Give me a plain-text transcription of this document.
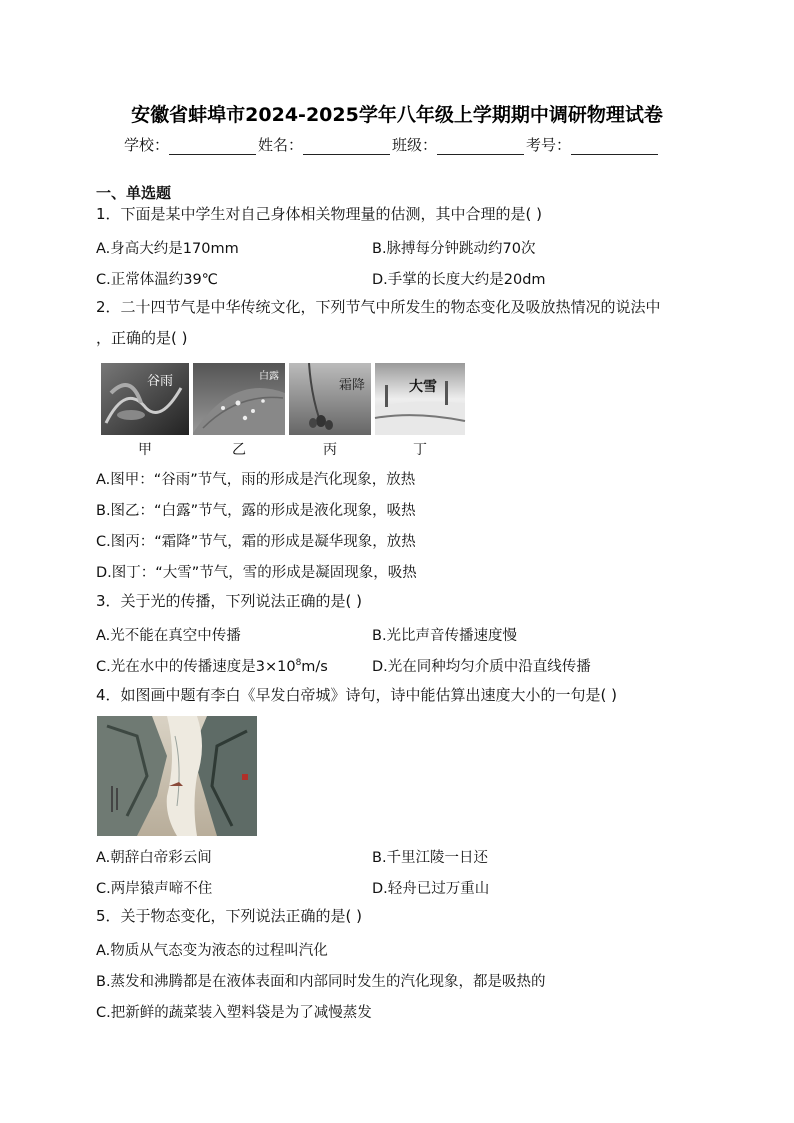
安徽省蚌埠市2024-2025学年八年级上学期期中调研物理试卷
学校：	姓名：	班级：	考号：
一、单选题
1．下面是某中学生对自己身体相关物理量的估测，其中合理的是( )
A.身高大约是170mm	B.脉搏每分钟跳动约70次
C.正常体温约39℃	D.手掌的长度大约是20dm
2．二十四节气是中华传统文化，下列节气中所发生的物态变化及吸放热情况的说法中
，正确的是( )
谷雨	白露
霜降	大雪
甲	乙	丙	丁
A.图甲：“谷雨”节气，雨的形成是汽化现象，放热
B.图乙：“白露”节气，露的形成是液化现象，吸热
C.图丙：“霜降”节气，霜的形成是凝华现象，放热
D.图丁：“大雪”节气，雪的形成是凝固现象，吸热
3．关于光的传播，下列说法正确的是( )
A.光不能在真空中传播	B.光比声音传播速度慢
C.光在水中的传播速度是$3\times 10^8m/s$	D.光在同种均匀介质中沿直线传播
4．如图画中题有李白《早发白帝城》诗句，诗中能估算出速度大小的一句是( )
A.朝辞白帝彩云间	B.千里江陵一日还
C.两岸猿声啼不住	D.轻舟已过万重山
5．关于物态变化，下列说法正确的是( )
A.物质从气态变为液态的过程叫汽化
B.蒸发和沸腾都是在液体表面和内部同时发生的汽化现象，都是吸热的
C.把新鲜的蔬菜装入塑料袋是为了减慢蒸发
